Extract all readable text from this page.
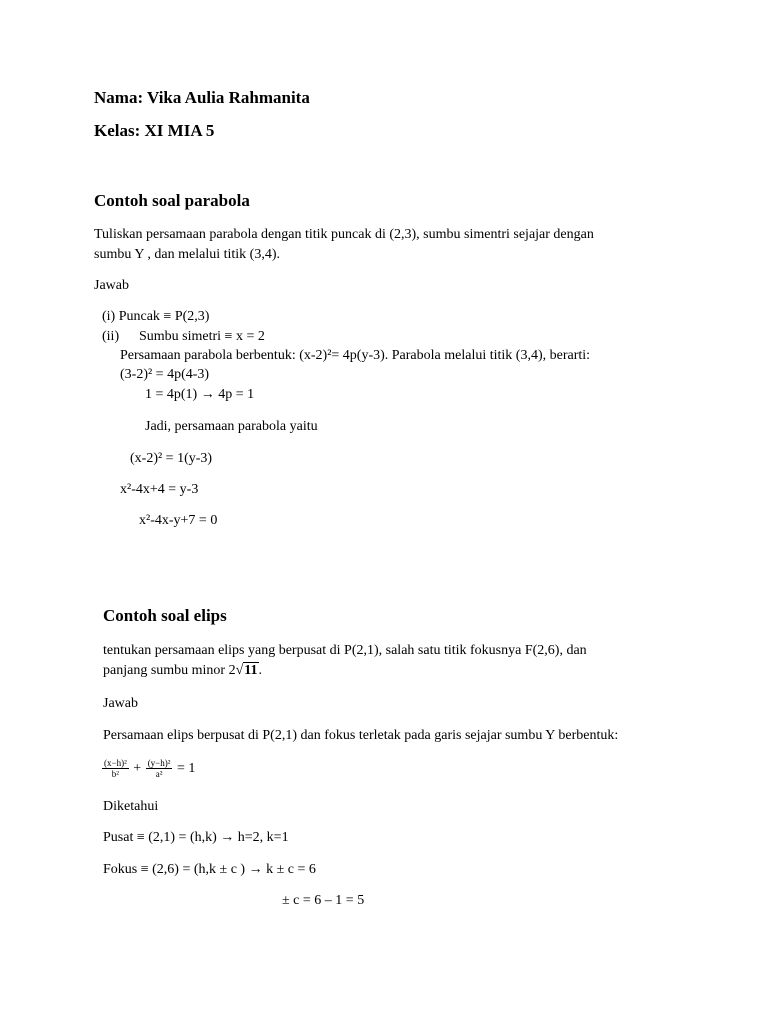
Nama: Vika Aulia Rahmanita
Kelas: XI MIA 5
Contoh soal parabola
Tuliskan persamaan parabola dengan titik puncak di (2,3), sumbu simentri sejajar dengan
sumbu Y , dan melalui titik (3,4).
Jawab
(i) Puncak ≡ P(2,3)
(ii) Sumbu simetri ≡ x = 2
Persamaan parabola berbentuk: (x-2)²= 4p(y-3). Parabola melalui titik (3,4), berarti:
(3-2)² = 4p(4-3)
1 = 4p(1) → 4p = 1
Jadi, persamaan parabola yaitu
(x-2)² = 1(y-3)
x²-4x+4 = y-3
x²-4x-y+7 = 0
Contoh soal elips
tentukan persamaan elips yang berpusat di P(2,1), salah satu titik fokusnya F(2,6), dan
panjang sumbu minor 2√11.
Jawab
Persamaan elips berpusat di P(2,1) dan fokus terletak pada garis sejajar sumbu Y berbentuk:
$\frac{\text{(x−h)²}}{\text{b²}} + \frac{\text{(y−h)²}}{\text{a²}} = 1$
Diketahui
Pusat ≡ (2,1) = (h,k) → h=2, k=1
Fokus ≡ (2,6) = (h,k ± c ) → k ± c = 6
± c = 6 – 1 = 5
